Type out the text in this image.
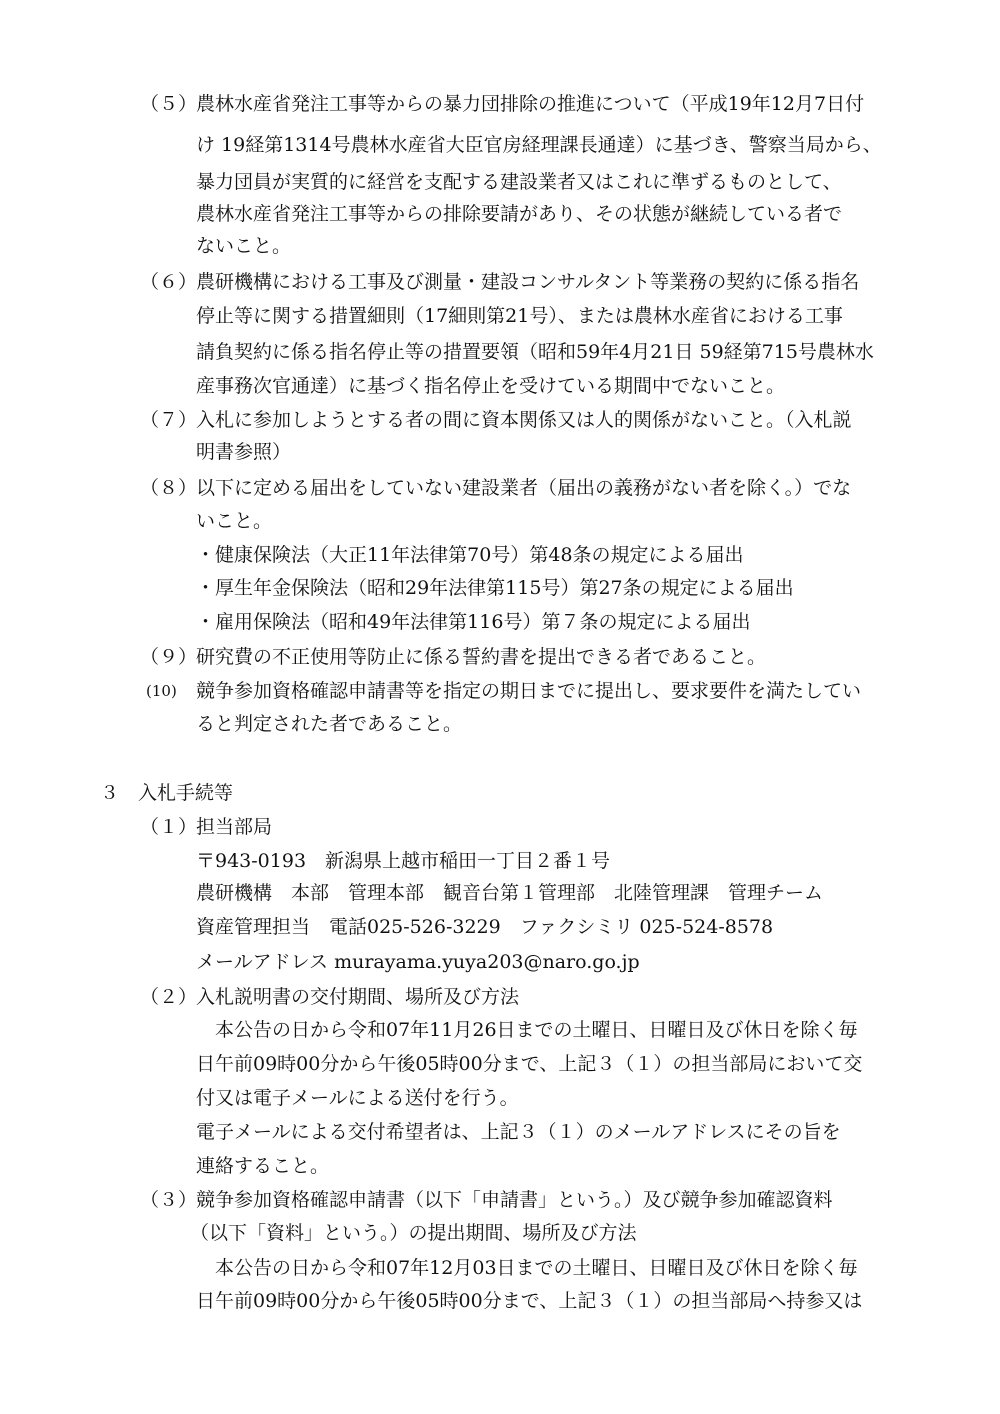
（５）
農林水産省発注工事等からの暴力団排除の推進について（平成19年12月7日付
け 19経第1314号農林水産省大臣官房経理課長通達）に基づき、警察当局から、
暴力団員が実質的に経営を支配する建設業者又はこれに準ずるものとして、
農林水産省発注工事等からの排除要請があり、その状態が継続している者で
ないこと。
（６）
農研機構における工事及び測量・建設コンサルタント等業務の契約に係る指名
停止等に関する措置細則（17細則第21号）、または農林水産省における工事
請負契約に係る指名停止等の措置要領（昭和59年4月21日 59経第715号農林水
産事務次官通達）に基づく指名停止を受けている期間中でないこと。
（７）
入札に参加しようとする者の間に資本関係又は人的関係がないこと。（入札説
明書参照）
（８）
以下に定める届出をしていない建設業者（届出の義務がない者を除く。）でな
いこと。
・健康保険法（大正11年法律第70号）第48条の規定による届出
・厚生年金保険法（昭和29年法律第115号）第27条の規定による届出
・雇用保険法（昭和49年法律第116号）第７条の規定による届出
（９）
研究費の不正使用等防止に係る誓約書を提出できる者であること。
(10) 競争参加資格確認申請書等を指定の期日までに提出し、要求要件を満たしてい
ると判定された者であること。
３　入札手続等
（１）
担当部局
〒943-0193　新潟県上越市稲田一丁目２番１号
農研機構　本部　管理本部　観音台第１管理部　北陸管理課　管理チーム
資産管理担当　電話025-526-3229　ファクシミリ 025-524-8578
メールアドレス murayama.yuya203@naro.go.jp
（２）
入札説明書の交付期間、場所及び方法
本公告の日から令和07年11月26日までの土曜日、日曜日及び休日を除く毎
日午前09時00分から午後05時00分まで、上記３（１）の担当部局において交
付又は電子メールによる送付を行う。
電子メールによる交付希望者は、上記３（１）のメールアドレスにその旨を
連絡すること。
（３）
競争参加資格確認申請書（以下「申請書」という。）及び競争参加確認資料
（以下「資料」という。）の提出期間、場所及び方法
本公告の日から令和07年12月03日までの土曜日、日曜日及び休日を除く毎
日午前09時00分から午後05時00分まで、上記３（１）の担当部局へ持参又は
